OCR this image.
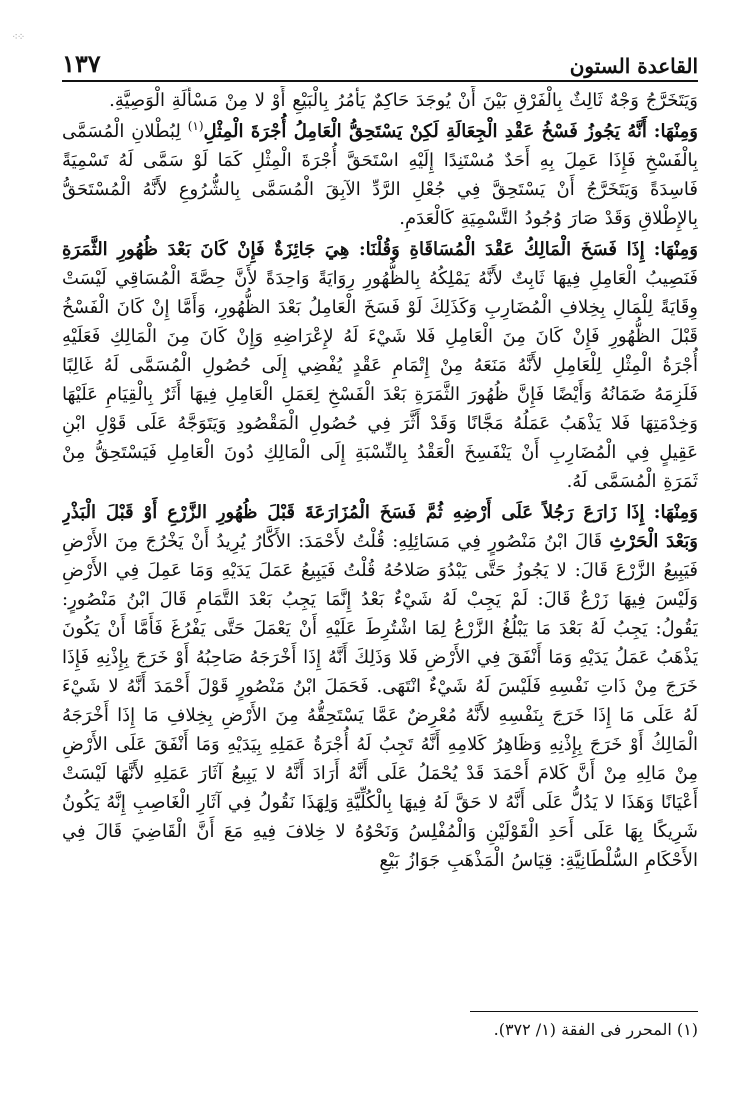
⁖⁘
القاعدة الستون
١٣٧

وَيَتَخَرَّجُ وَجْهٌ ثَالِثٌ بِالْفَرْقِ بَيْنَ أَنْ يُوجَدَ حَاكِمٌ يَأْمُرُ بِالْبَيْعِ أَوْ لا مِنْ مَسْأَلَةِ الْوَصِيَّةِ.

وَمِنْهَا: أَنَّهُ يَجُوزُ فَسْخُ عَقْدِ الْجِعَالَةِ لَكِنْ يَسْتَحِقُّ الْعَامِلُ أُجْرَةَ الْمِثْلِ$^{(١)}$ لِبُطْلانِ الْمُسَمَّى بِالْفَسْخِ فَإِذَا عَمِلَ بِهِ أَحَدٌ مُسْتَنِدًا إِلَيْهِ اسْتَحَقَّ أُجْرَةَ الْمِثْلِ كَمَا لَوْ سَمَّى لَهُ تَسْمِيَةً فَاسِدَةً وَيَتَخَرَّجُ أَنْ يَسْتَحِقَّ فِي جُعْلِ الرَّدِّ الآبِقَ الْمُسَمَّى بِالشُّرُوعِ لأَنَّهُ الْمُسْتَحَقُّ بِالإِطْلاقِ وَقَدْ صَارَ وُجُودُ التَّسْمِيَةِ كَالْعَدَمِ.

وَمِنْهَا: إِذَا فَسَخَ الْمَالِكُ عَقْدَ الْمُسَاقَاةِ وَقُلْنَا: هِيَ جَائِزَةٌ فَإِنْ كَانَ بَعْدَ ظُهُورِ الثَّمَرَةِ فَنَصِيبُ الْعَامِلِ فِيهَا ثَابِتٌ لأَنَّهُ يَمْلِكُهُ بِالظُّهُورِ رِوَايَةً وَاحِدَةً لأَنَّ حِصَّةَ الْمُسَاقِي لَيْسَتْ وِقَايَةً لِلْمَالِ بِخِلافِ الْمُضَارِبِ وَكَذَلِكَ لَوْ فَسَخَ الْعَامِلُ بَعْدَ الظُّهُورِ، وَأَمَّا إِنْ كَانَ الْفَسْخُ قَبْلَ الظُّهُورِ فَإِنْ كَانَ مِنَ الْعَامِلِ فَلا شَيْءَ لَهُ لإِعْرَاضِهِ وَإِنْ كَانَ مِنَ الْمَالِكِ فَعَلَيْهِ أُجْرَةُ الْمِثْلِ لِلْعَامِلِ لأَنَّهُ مَنَعَهُ مِنْ إِتْمَامِ عَقْدٍ يُفْضِي إِلَى حُصُولِ الْمُسَمَّى لَهُ غَالِبًا فَلَزِمَهُ ضَمَانُهُ وَأَيْضًا فَإِنَّ ظُهُورَ الثَّمَرَةِ بَعْدَ الْفَسْخِ لِعَمَلِ الْعَامِلِ فِيهَا أَثَرٌ بِالْقِيَامِ عَلَيْهَا وَخِدْمَتِهَا فَلا يَذْهَبُ عَمَلُهُ مَجَّانًا وَقَدْ أَثَّرَ فِي حُصُولِ الْمَقْصُودِ وَيَتَوَجَّهُ عَلَى قَوْلِ ابْنِ عَقِيلٍ فِي الْمُضَارِبِ أَنْ يَنْفَسِخَ الْعَقْدُ بِالنِّسْبَةِ إِلَى الْمَالِكِ دُونَ الْعَامِلِ فَيَسْتَحِقُّ مِنْ ثَمَرَةِ الْمُسَمَّى لَهُ.

وَمِنْهَا: إِذَا زَارَعَ رَجُلاً عَلَى أَرْضِهِ ثُمَّ فَسَخَ الْمُزَارَعَةَ قَبْلَ ظُهُورِ الزَّرْعِ أَوْ قَبْلَ الْبَذْرِ وَبَعْدَ الْحَرْثِ قَالَ ابْنُ مَنْصُورٍ فِي مَسَائِلِهِ: قُلْتُ لأَحْمَدَ: الأَكَّارُ يُرِيدُ أَنْ يَخْرُجَ مِنَ الأَرْضِ فَيَبِيعُ الزَّرْعَ قَالَ: لا يَجُوزُ حَتَّى يَبْدُوَ صَلاحُهُ قُلْتُ فَيَبِيعُ عَمَلَ يَدَيْهِ وَمَا عَمِلَ فِي الأَرْضِ وَلَيْسَ فِيهَا زَرْعٌ قَالَ: لَمْ يَجِبْ لَهُ شَيْءٌ بَعْدُ إِنَّمَا يَجِبُ بَعْدَ التَّمَامِ قَالَ ابْنُ مَنْصُورٍ: يَقُولُ: يَجِبُ لَهُ بَعْدَ مَا يَبْلُغُ الزَّرْعُ لِمَا اشْتُرِطَ عَلَيْهِ أَنْ يَعْمَلَ حَتَّى يَفْرُغَ فَأَمَّا أَنْ يَكُونَ يَذْهَبُ عَمَلُ يَدَيْهِ وَمَا أَنْفَقَ فِي الأَرْضِ فَلا وَذَلِكَ أَنَّهُ إِذَا أَخْرَجَهُ صَاحِبُهُ أَوْ خَرَجَ بِإِذْنِهِ فَإِذَا خَرَجَ مِنْ ذَاتِ نَفْسِهِ فَلَيْسَ لَهُ شَيْءٌ انْتَهَى. فَحَمَلَ ابْنُ مَنْصُورٍ قَوْلَ أَحْمَدَ أَنَّهُ لا شَيْءَ لَهُ عَلَى مَا إِذَا خَرَجَ بِنَفْسِهِ لأَنَّهُ مُعْرِضٌ عَمَّا يَسْتَحِقُّهُ مِنَ الأَرْضِ بِخِلافِ مَا إِذَا أَخْرَجَهُ الْمَالِكُ أَوْ خَرَجَ بِإِذْنِهِ وَظَاهِرُ كَلامِهِ أَنَّهُ تَجِبُ لَهُ أُجْرَةُ عَمَلِهِ بِيَدَيْهِ وَمَا أَنْفَقَ عَلَى الأَرْضِ مِنْ مَالِهِ مِنْ أَنَّ كَلامَ أَحْمَدَ قَدْ يُحْمَلُ عَلَى أَنَّهُ أَرَادَ أَنَّهُ لا يَبِيعُ آثَارَ عَمَلِهِ لأَنَّهَا لَيْسَتْ أَعْيَانًا وَهَذَا لا يَدُلُّ عَلَى أَنَّهُ لا حَقَّ لَهُ فِيهَا بِالْكُلِّيَّةِ وَلِهَذَا نَقُولُ فِي آثَارِ الْغَاصِبِ إِنَّهُ يَكُونُ شَرِيكًا بِهَا عَلَى أَحَدِ الْقَوْلَيْنِ وَالْمُفْلِسُ وَنَحْوُهُ لا خِلافَ فِيهِ مَعَ أَنَّ الْقَاضِيَ قَالَ فِي الأَحْكَامِ السُّلْطَانِيَّةِ: قِيَاسُ الْمَذْهَبِ جَوَازُ بَيْعِ

(١) المحرر فى الفقة (١/ ٣٧٢).
